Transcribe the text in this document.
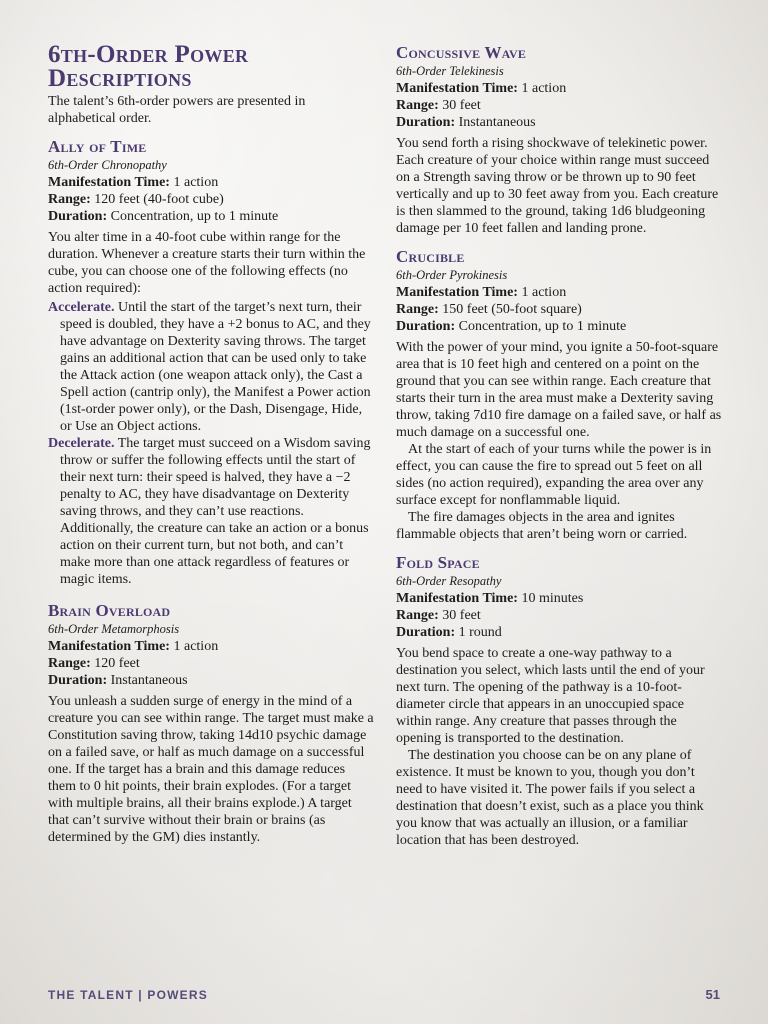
6th-Order Power Descriptions

The talent’s 6th-order powers are presented in alphabetical order.

Ally of Time

6th-Order Chronopathy

Manifestation Time: 1 action

Range: 120 feet (40-foot cube)

Duration: Concentration, up to 1 minute

You alter time in a 40-foot cube within range for the duration. Whenever a creature starts their turn within the cube, you can choose one of the following effects (no action required):

Accelerate. Until the start of the target’s next turn, their speed is doubled, they have a +2 bonus to AC, and they have advantage on Dexterity saving throws. The target gains an additional action that can be used only to take the Attack action (one weapon attack only), the Cast a Spell action (cantrip only), the Manifest a Power action (1st-order power only), or the Dash, Disengage, Hide, or Use an Object actions.

Decelerate. The target must succeed on a Wisdom saving throw or suffer the following effects until the start of their next turn: their speed is halved, they have a −2 penalty to AC, they have disadvantage on Dexterity saving throws, and they can’t use reactions. Additionally, the creature can take an action or a bonus action on their current turn, but not both, and can’t make more than one attack regardless of features or magic items.

Brain Overload

6th-Order Metamorphosis

Manifestation Time: 1 action

Range: 120 feet

Duration: Instantaneous

You unleash a sudden surge of energy in the mind of a creature you can see within range. The target must make a Constitution saving throw, taking 14d10 psychic damage on a failed save, or half as much damage on a successful one. If the target has a brain and this damage reduces them to 0 hit points, their brain explodes. (For a target with multiple brains, all their brains explode.) A target that can’t survive without their brain or brains (as determined by the GM) dies instantly.

Concussive Wave

6th-Order Telekinesis

Manifestation Time: 1 action

Range: 30 feet

Duration: Instantaneous

You send forth a rising shockwave of telekinetic power. Each creature of your choice within range must succeed on a Strength saving throw or be thrown up to 90 feet vertically and up to 30 feet away from you. Each creature is then slammed to the ground, taking 1d6 bludgeoning damage per 10 feet fallen and landing prone.

Crucible

6th-Order Pyrokinesis

Manifestation Time: 1 action

Range: 150 feet (50-foot square)

Duration: Concentration, up to 1 minute

With the power of your mind, you ignite a 50-foot-square area that is 10 feet high and centered on a point on the ground that you can see within range. Each creature that starts their turn in the area must make a Dexterity saving throw, taking 7d10 fire damage on a failed save, or half as much damage on a successful one.

At the start of each of your turns while the power is in effect, you can cause the fire to spread out 5 feet on all sides (no action required), expanding the area over any surface except for nonflammable liquid.

The fire damages objects in the area and ignites flammable objects that aren’t being worn or carried.

Fold Space

6th-Order Resopathy

Manifestation Time: 10 minutes

Range: 30 feet

Duration: 1 round

You bend space to create a one-way pathway to a destination you select, which lasts until the end of your next turn. The opening of the pathway is a 10-foot-diameter circle that appears in an unoccupied space within range. Any creature that passes through the opening is transported to the destination.

The destination you choose can be on any plane of existence. It must be known to you, though you don’t need to have visited it. The power fails if you select a destination that doesn’t exist, such as a place you think you know that was actually an illusion, or a familiar location that has been destroyed.

THE TALENT | POWERS	51
